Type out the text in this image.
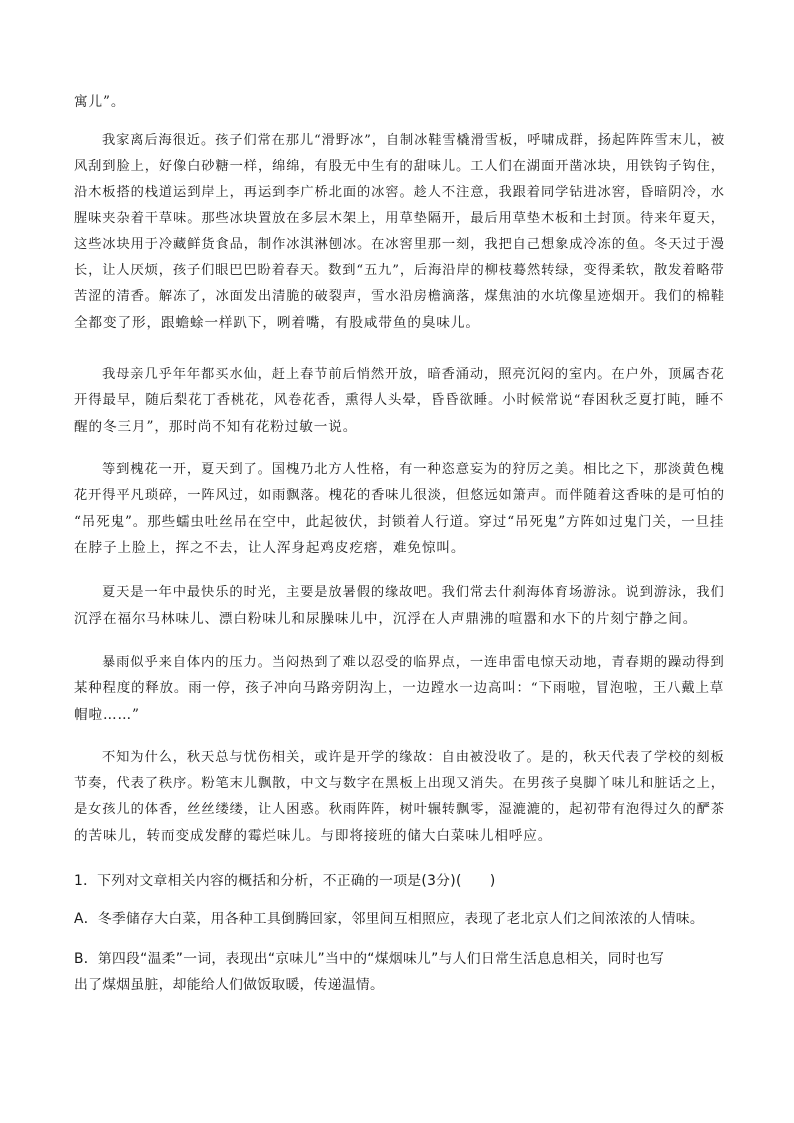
寓儿”。
我家离后海很近。孩子们常在那儿“滑野冰”，自制冰鞋雪橇滑雪板，呼啸成群，扬起阵阵雪末儿，被
风刮到脸上，好像白砂糖一样，绵绵，有股无中生有的甜味儿。工人们在湖面开凿冰块，用铁钩子钩住，
沿木板搭的栈道运到岸上，再运到李广桥北面的冰窖。趁人不注意，我跟着同学钻进冰窖，昏暗阴冷，水
腥味夹杂着干草味。那些冰块置放在多层木架上，用草垫隔开，最后用草垫木板和土封顶。待来年夏天，
这些冰块用于冷藏鲜货食品，制作冰淇淋刨冰。在冰窖里那一刻，我把自己想象成冷冻的鱼。冬天过于漫
长，让人厌烦，孩子们眼巴巴盼着春天。数到“五九”，后海沿岸的柳枝蓦然转绿，变得柔软，散发着略带
苦涩的清香。解冻了，冰面发出清脆的破裂声，雪水沿房檐滴落，煤焦油的水坑像星迹烟开。我们的棉鞋
全都变了形，跟蟾蜍一样趴下，咧着嘴，有股咸带鱼的臭味儿。
我母亲几乎年年都买水仙，赶上春节前后悄然开放，暗香涌动，照亮沉闷的室内。在户外，顶属杏花
开得最早，随后梨花丁香桃花，风卷花香，熏得人头晕，昏昏欲睡。小时候常说“春困秋乏夏打盹，睡不
醒的冬三月”，那时尚不知有花粉过敏一说。
等到槐花一开，夏天到了。国槐乃北方人性格，有一种恣意妄为的狩厉之美。相比之下，那淡黄色槐
花开得平凡琐碎，一阵风过，如雨飘落。槐花的香味儿很淡，但悠远如箫声。而伴随着这香味的是可怕的
“吊死鬼”。那些蠕虫吐丝吊在空中，此起彼伏，封锁着人行道。穿过“吊死鬼”方阵如过鬼门关，一旦挂
在脖子上脸上，挥之不去，让人浑身起鸡皮疙瘩，难免惊叫。
夏天是一年中最快乐的时光，主要是放暑假的缘故吧。我们常去什刹海体育场游泳。说到游泳，我们
沉浮在福尔马林味儿、漂白粉味儿和尿臊味儿中，沉浮在人声鼎沸的喧嚣和水下的片刻宁静之间。
暴雨似乎来自体内的压力。当闷热到了难以忍受的临界点，一连串雷电惊天动地，青春期的躁动得到
某种程度的释放。雨一停，孩子冲向马路旁阴沟上，一边蹚水一边高叫：“下雨啦，冒泡啦，王八戴上草
帽啦……”
不知为什么，秋天总与忧伤相关，或许是开学的缘故：自由被没收了。是的，秋天代表了学校的刻板
节奏，代表了秩序。粉笔末儿飘散，中文与数字在黑板上出现又消失。在男孩子臭脚丫味儿和脏话之上，
是女孩儿的体香，丝丝缕缕，让人困惑。秋雨阵阵，树叶辗转飘零，湿漉漉的，起初带有泡得过久的酽茶
的苦味儿，转而变成发酵的霉烂味儿。与即将接班的储大白菜味儿相呼应。
1．下列对文章相关内容的概括和分析，不正确的一项是(3分)(　　)
A．冬季储存大白菜，用各种工具倒腾回家，邻里间互相照应，表现了老北京人们之间浓浓的人情味。
B．第四段“温柔”一词，表现出“京味儿”当中的“煤烟味儿”与人们日常生活息息相关，同时也写
出了煤烟虽脏，却能给人们做饭取暖，传递温情。
